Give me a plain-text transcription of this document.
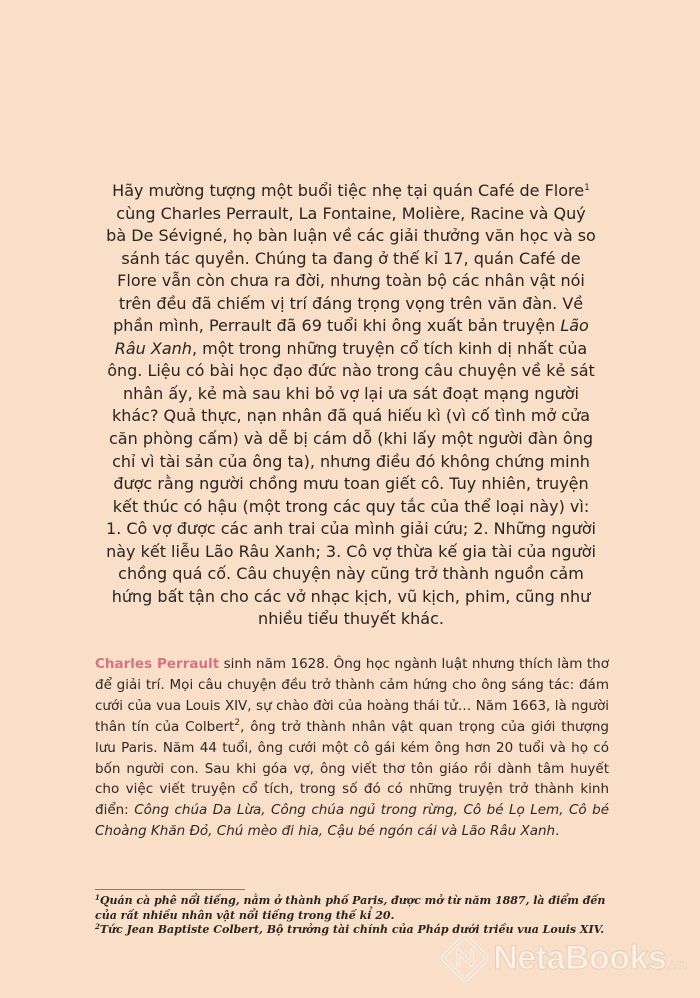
Hãy mường tượng một buổi tiệc nhẹ tại quán Café de Flore$^1$ cùng Charles Perrault, La Fontaine, Molière, Racine và Quý bà De Sévigné, họ bàn luận về các giải thưởng văn học và so sánh tác quyền. Chúng ta đang ở thế kỉ 17, quán Café de Flore vẫn còn chưa ra đời, nhưng toàn bộ các nhân vật nói trên đều đã chiếm vị trí đáng trọng vọng trên văn đàn. Về phần mình, Perrault đã 69 tuổi khi ông xuất bản truyện Lão Râu Xanh, một trong những truyện cổ tích kinh dị nhất của ông. Liệu có bài học đạo đức nào trong câu chuyện về kẻ sát nhân ấy, kẻ mà sau khi bỏ vợ lại ưa sát đoạt mạng người khác? Quả thực, nạn nhân đã quá hiếu kì (vì cố tình mở cửa căn phòng cấm) và dễ bị cám dỗ (khi lấy một người đàn ông chỉ vì tài sản của ông ta), nhưng điều đó không chứng minh được rằng người chồng mưu toan giết cô. Tuy nhiên, truyện kết thúc có hậu (một trong các quy tắc của thể loại này) vì: 1. Cô vợ được các anh trai của mình giải cứu; 2. Những người này kết liễu Lão Râu Xanh; 3. Cô vợ thừa kế gia tài của người chồng quá cố. Câu chuyện này cũng trở thành nguồn cảm hứng bất tận cho các vở nhạc kịch, vũ kịch, phim, cũng như nhiều tiểu thuyết khác.

Charles Perrault sinh năm 1628. Ông học ngành luật nhưng thích làm thơ để giải trí. Mọi câu chuyện đều trở thành cảm hứng cho ông sáng tác: đám cưới của vua Louis XIV, sự chào đời của hoàng thái tử… Năm 1663, là người thân tín của Colbert$^2$, ông trở thành nhân vật quan trọng của giới thượng lưu Paris. Năm 44 tuổi, ông cưới một cô gái kém ông hơn 20 tuổi và họ có bốn người con. Sau khi góa vợ, ông viết thơ tôn giáo rồi dành tâm huyết cho việc viết truyện cổ tích, trong số đó có những truyện trở thành kinh điển: Công chúa Da Lừa, Công chúa ngủ trong rừng, Cô bé Lọ Lem, Cô bé Choàng Khăn Đỏ, Chú mèo đi hia, Cậu bé ngón cái và Lão Râu Xanh.

$^1$Quán cà phê nổi tiếng, nằm ở thành phố Paris, được mở từ năm 1887, là điểm đến của rất nhiều nhân vật nổi tiếng trong thế kỉ 20.

$^2$Tức Jean Baptiste Colbert, Bộ trưởng tài chính của Pháp dưới triều vua Louis XIV.

NetaBooks .vn
